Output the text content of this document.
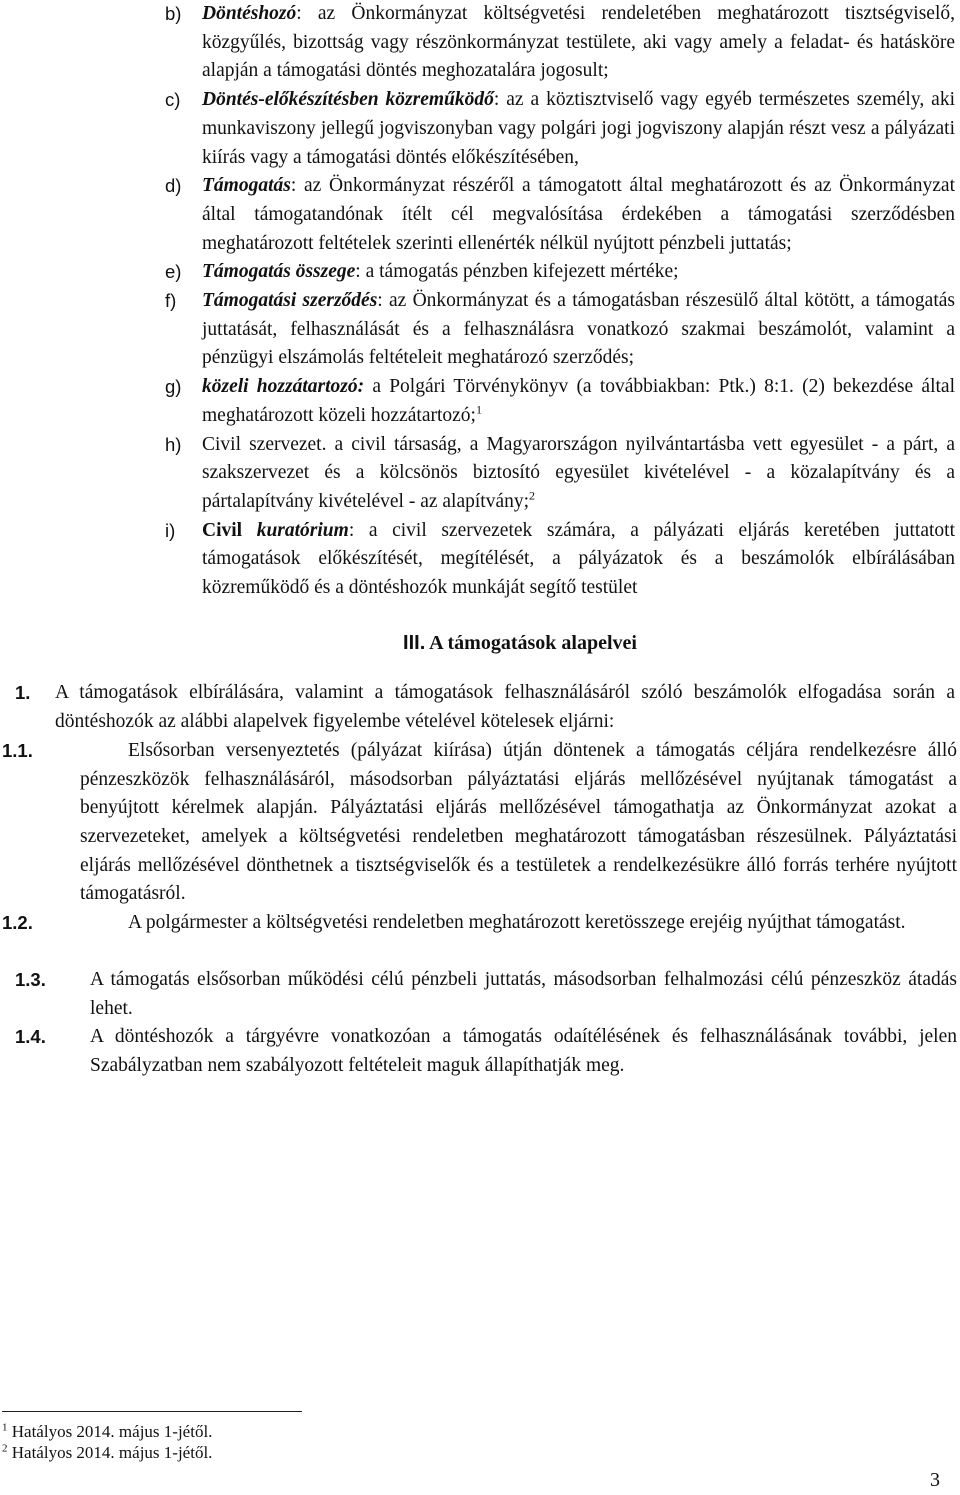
b)	Döntéshozó: az Önkormányzat költségvetési rendeletében meghatározott tisztségviselő, közgyűlés, bizottság vagy részönkormányzat testülete, aki vagy amely a feladat- és hatásköre alapján a támogatási döntés meghozatalára jogosult;
c)	Döntés-előkészítésben közreműködő: az a köztisztviselő vagy egyéb természetes személy, aki munkaviszony jellegű jogviszonyban vagy polgári jogi jogviszony alapján részt vesz a pályázati kiírás vagy a támogatási döntés előkészítésében,
d)	Támogatás: az Önkormányzat részéről a támogatott által meghatározott és az Önkormányzat által támogatandónak ítélt cél megvalósítása érdekében a támogatási szerződésben meghatározott feltételek szerinti ellenérték nélkül nyújtott pénzbeli juttatás;
e)	Támogatás összege: a támogatás pénzben kifejezett mértéke;
f)	Támogatási szerződés: az Önkormányzat és a támogatásban részesülő által kötött, a támogatás juttatását, felhasználását és a felhasználásra vonatkozó szakmai beszámolót, valamint a pénzügyi elszámolás feltételeit meghatározó szerződés;
g)	közeli hozzátartozó: a Polgári Törvénykönyv (a továbbiakban: Ptk.) 8:1. (2) bekezdése által meghatározott közeli hozzátartozó;$^1$
h)	Civil szervezet. a civil társaság, a Magyarországon nyilvántartásba vett egyesület - a párt, a szakszervezet és a kölcsönös biztosító egyesület kivételével - a közalapítvány és a pártalapítvány kivételével - az alapítvány;$^2$
i)	Civil kuratórium: a civil szervezetek számára, a pályázati eljárás keretében juttatott támogatások előkészítését, megítélését, a pályázatok és a beszámolók elbírálásában közreműködő és a döntéshozók munkáját segítő testület
III. A támogatások alapelvei
1.	A támogatások elbírálására, valamint a támogatások felhasználásáról szóló beszámolók elfogadása során a döntéshozók az alábbi alapelvek figyelembe vételével kötelesek eljárni:
1.1.	Elsősorban versenyeztetés (pályázat kiírása) útján döntenek a támogatás céljára rendelkezésre álló pénzeszközök felhasználásáról, másodsorban pályáztatási eljárás mellőzésével nyújtanak támogatást a benyújtott kérelmek alapján. Pályáztatási eljárás mellőzésével támogathatja az Önkormányzat azokat a szervezeteket, amelyek a költségvetési rendeletben meghatározott támogatásban részesülnek. Pályáztatási eljárás mellőzésével dönthetnek a tisztségviselők és a testületek a rendelkezésükre álló forrás terhére nyújtott támogatásról.
1.2.	A polgármester a költségvetési rendeletben meghatározott keretösszege erejéig nyújthat támogatást.
1.3.	A támogatás elsősorban működési célú pénzbeli juttatás, másodsorban felhalmozási célú pénzeszköz átadás lehet.
1.4.	A döntéshozók a tárgyévre vonatkozóan a támogatás odaítélésének és felhasználásának további, jelen Szabályzatban nem szabályozott feltételeit maguk állapíthatják meg.
$^1$ Hatályos 2014. május 1-jétől.
$^2$ Hatályos 2014. május 1-jétől.
3
